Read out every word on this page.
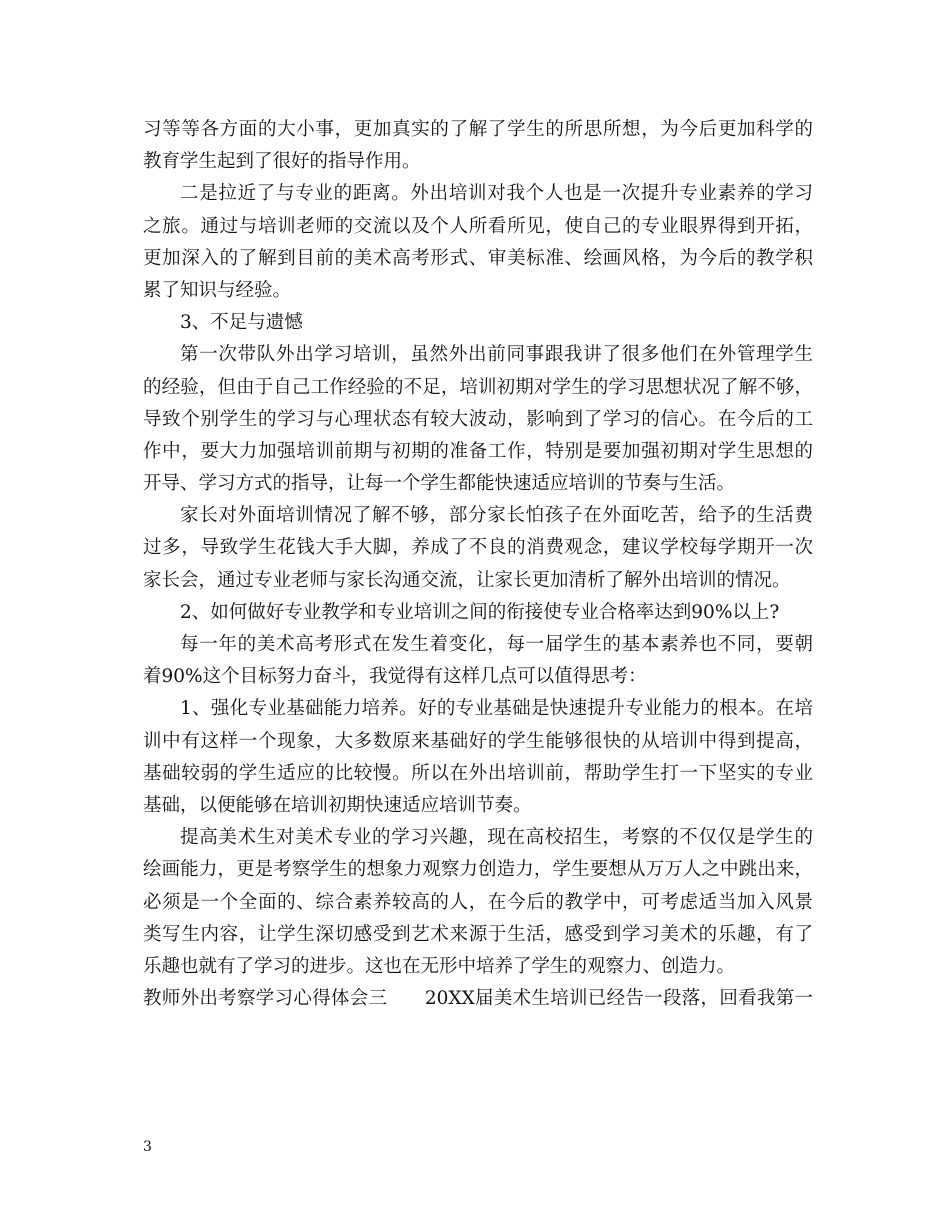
习等等各方面的大小事，更加真实的了解了学生的所思所想，为今后更加科学的
教育学生起到了很好的指导作用。
二是拉近了与专业的距离。外出培训对我个人也是一次提升专业素养的学习
之旅。通过与培训老师的交流以及个人所看所见，使自己的专业眼界得到开拓，
更加深入的了解到目前的美术高考形式、审美标准、绘画风格，为今后的教学积
累了知识与经验。
3、不足与遗憾
第一次带队外出学习培训，虽然外出前同事跟我讲了很多他们在外管理学生
的经验，但由于自己工作经验的不足，培训初期对学生的学习思想状况了解不够，
导致个别学生的学习与心理状态有较大波动，影响到了学习的信心。在今后的工
作中，要大力加强培训前期与初期的准备工作，特别是要加强初期对学生思想的
开导、学习方式的指导，让每一个学生都能快速适应培训的节奏与生活。
家长对外面培训情况了解不够，部分家长怕孩子在外面吃苦，给予的生活费
过多，导致学生花钱大手大脚，养成了不良的消费观念，建议学校每学期开一次
家长会，通过专业老师与家长沟通交流，让家长更加清析了解外出培训的情况。
2、如何做好专业教学和专业培训之间的衔接使专业合格率达到90%以上?
每一年的美术高考形式在发生着变化，每一届学生的基本素养也不同，要朝
着90%这个目标努力奋斗，我觉得有这样几点可以值得思考：
1、强化专业基础能力培养。好的专业基础是快速提升专业能力的根本。在培
训中有这样一个现象，大多数原来基础好的学生能够很快的从培训中得到提高，
基础较弱的学生适应的比较慢。所以在外出培训前，帮助学生打一下坚实的专业
基础，以便能够在培训初期快速适应培训节奏。
提高美术生对美术专业的学习兴趣，现在高校招生，考察的不仅仅是学生的
绘画能力，更是考察学生的想象力观察力创造力，学生要想从万万人之中跳出来，
必须是一个全面的、综合素养较高的人，在今后的教学中，可考虑适当加入风景
类写生内容，让学生深切感受到艺术来源于生活，感受到学习美术的乐趣，有了
乐趣也就有了学习的进步。这也在无形中培养了学生的观察力、创造力。
教师外出考察学习心得体会三　　20XX届美术生培训已经告一段落，回看我第一
3
